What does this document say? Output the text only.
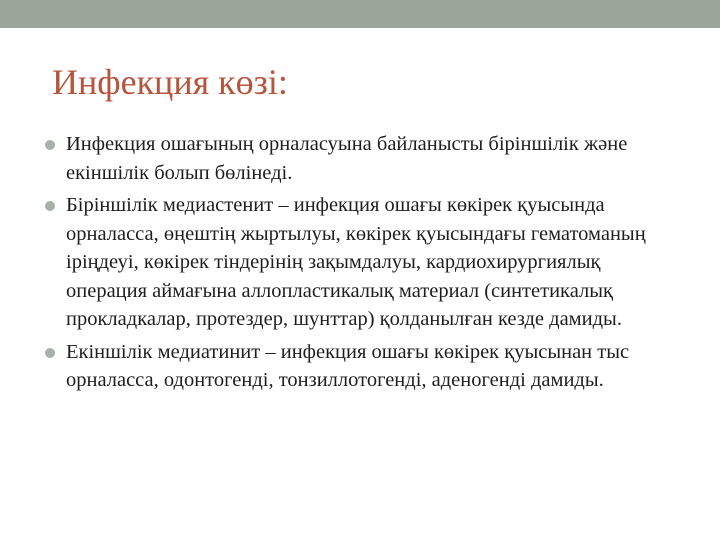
Инфекция көзі:
Инфекция ошағының орналасуына байланысты біріншілік және екіншілік болып бөлінеді.
Біріншілік медиастенит – инфекция ошағы көкірек қуысында орналасса, өңештің жыртылуы, көкірек қуысындағы гематоманың іріңдеуі, көкірек тіндерінің зақымдалуы, кардиохирургиялық операция аймағына аллопластикалық материал (синтетикалық прокладкалар, протездер, шунттар) қолданылған кезде дамиды.
Екіншілік медиатинит – инфекция ошағы көкірек қуысынан тыс орналасса, одонтогенді, тонзиллотогенді, аденогенді дамиды.
